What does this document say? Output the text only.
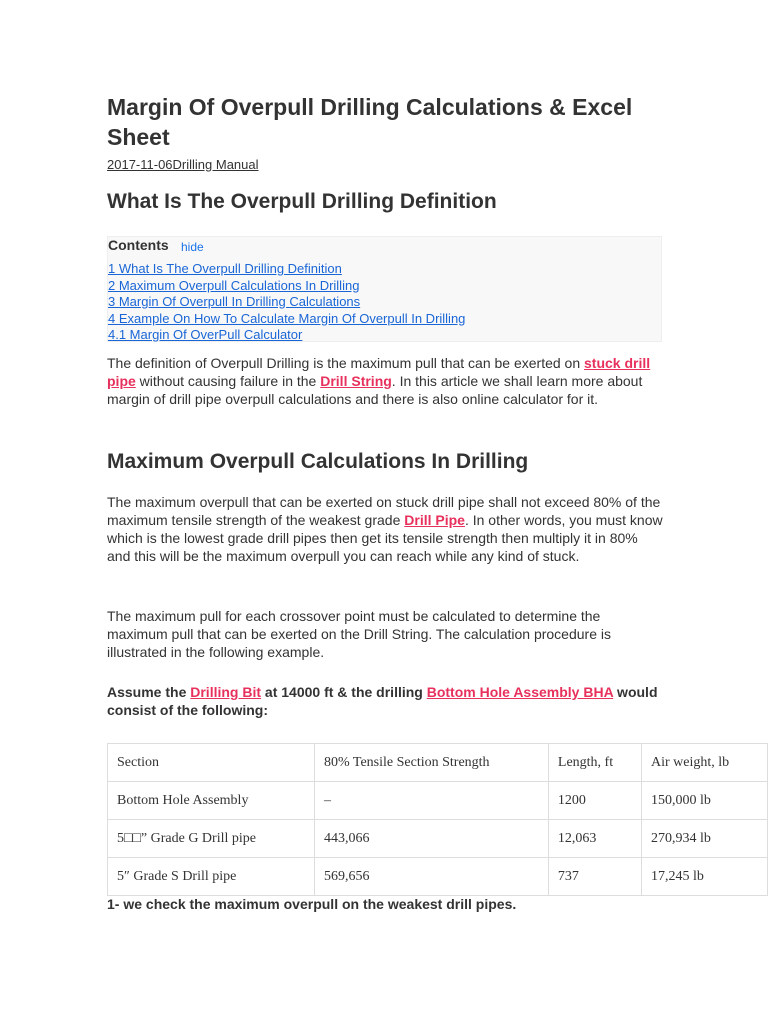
Margin Of Overpull Drilling Calculations & Excel Sheet

2017-11-06Drilling Manual

What Is The Overpull Drilling Definition
Contents hide
1 What Is The Overpull Drilling Definition
2 Maximum Overpull Calculations In Drilling
3 Margin Of Overpull In Drilling Calculations
4 Example On How To Calculate Margin Of Overpull In Drilling
4.1 Margin Of OverPull Calculator

The definition of Overpull Drilling is the maximum pull that can be exerted on stuck drill pipe without causing failure in the Drill String. In this article we shall learn more about margin of drill pipe overpull calculations and there is also online calculator for it.

Maximum Overpull Calculations In Drilling

The maximum overpull that can be exerted on stuck drill pipe shall not exceed 80% of the maximum tensile strength of the weakest grade Drill Pipe. In other words, you must know which is the lowest grade drill pipes then get its tensile strength then multiply it in 80% and this will be the maximum overpull you can reach while any kind of stuck.

The maximum pull for each crossover point must be calculated to determine the maximum pull that can be exerted on the Drill String. The calculation procedure is illustrated in the following example.

Assume the Drilling Bit at 14000 ft & the drilling Bottom Hole Assembly BHA would consist of the following:

Section	80% Tensile Section Strength	Length, ft	Air weight, lb
Bottom Hole Assembly	–	1200	150,000 lb
5□□” Grade G Drill pipe	443,066	12,063	270,934 lb
5″ Grade S Drill pipe	569,656	737	17,245 lb

1- we check the maximum overpull on the weakest drill pipes.
